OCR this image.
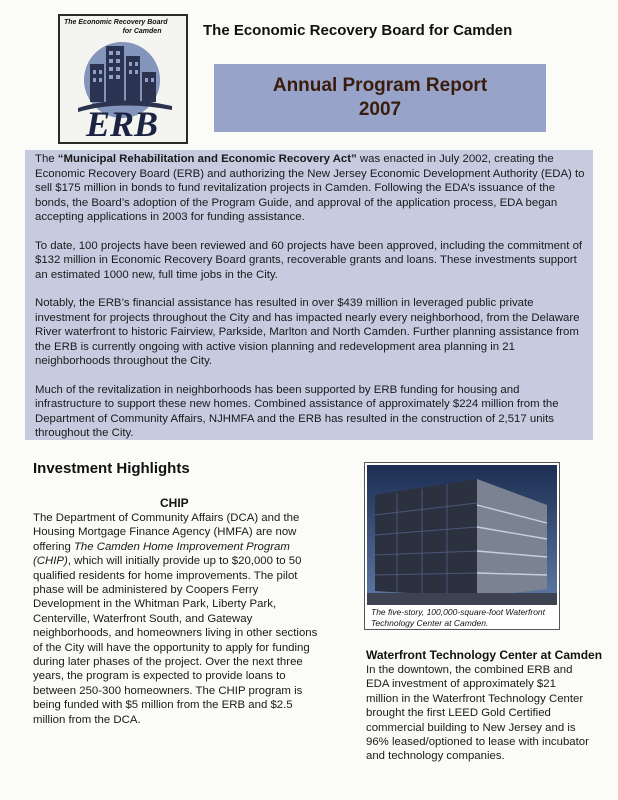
The Economic Recovery Board
for Camden
ERB
The Economic Recovery Board for Camden
Annual Program Report
2007

The “Municipal Rehabilitation and Economic Recovery Act” was enacted in July 2002, creating the Economic Recovery Board (ERB) and authorizing the New Jersey Economic Development Authority (EDA) to sell $175 million in bonds to fund revitalization projects in Camden. Following the EDA’s issuance of the bonds, the Board’s adoption of the Program Guide, and approval of the application process, EDA began accepting applications in 2003 for funding assistance.

To date, 100 projects have been reviewed and 60 projects have been approved, including the commitment of $132 million in Economic Recovery Board grants, recoverable grants and loans. These investments support an estimated 1000 new, full time jobs in the City.

Notably, the ERB’s financial assistance has resulted in over $439 million in leveraged public private investment for projects throughout the City and has impacted nearly every neighborhood, from the Delaware River waterfront to historic Fairview, Parkside, Marlton and North Camden. Further planning assistance from the ERB is currently ongoing with active vision planning and redevelopment area planning in 21 neighborhoods throughout the City.

Much of the revitalization in neighborhoods has been supported by ERB funding for housing and infrastructure to support these new homes. Combined assistance of approximately $224 million from the Department of Community Affairs, NJHMFA and the ERB has resulted in the construction of 2,517 units throughout the City.

Investment Highlights
CHIP

The Department of Community Affairs (DCA) and the Housing Mortgage Finance Agency (HMFA) are now offering The Camden Home Improvement Program (CHIP), which will initially provide up to $20,000 to 50 qualified residents for home improvements. The pilot phase will be administered by Coopers Ferry Development in the Whitman Park, Liberty Park, Centerville, Waterfront South, and Gateway neighborhoods, and homeowners living in other sections of the City will have the opportunity to apply for funding during later phases of the project. Over the next three years, the program is expected to provide loans to between 250-300 homeowners. The CHIP program is being funded with $5 million from the ERB and $2.5 million from the DCA.

The five-story, 100,000-square-foot Waterfront Technology Center at Camden.
Waterfront Technology Center at Camden

In the downtown, the combined ERB and EDA investment of approximately $21 million in the Waterfront Technology Center brought the first LEED Gold Certified commercial building to New Jersey and is 96% leased/optioned to lease with incubator and technology companies.
